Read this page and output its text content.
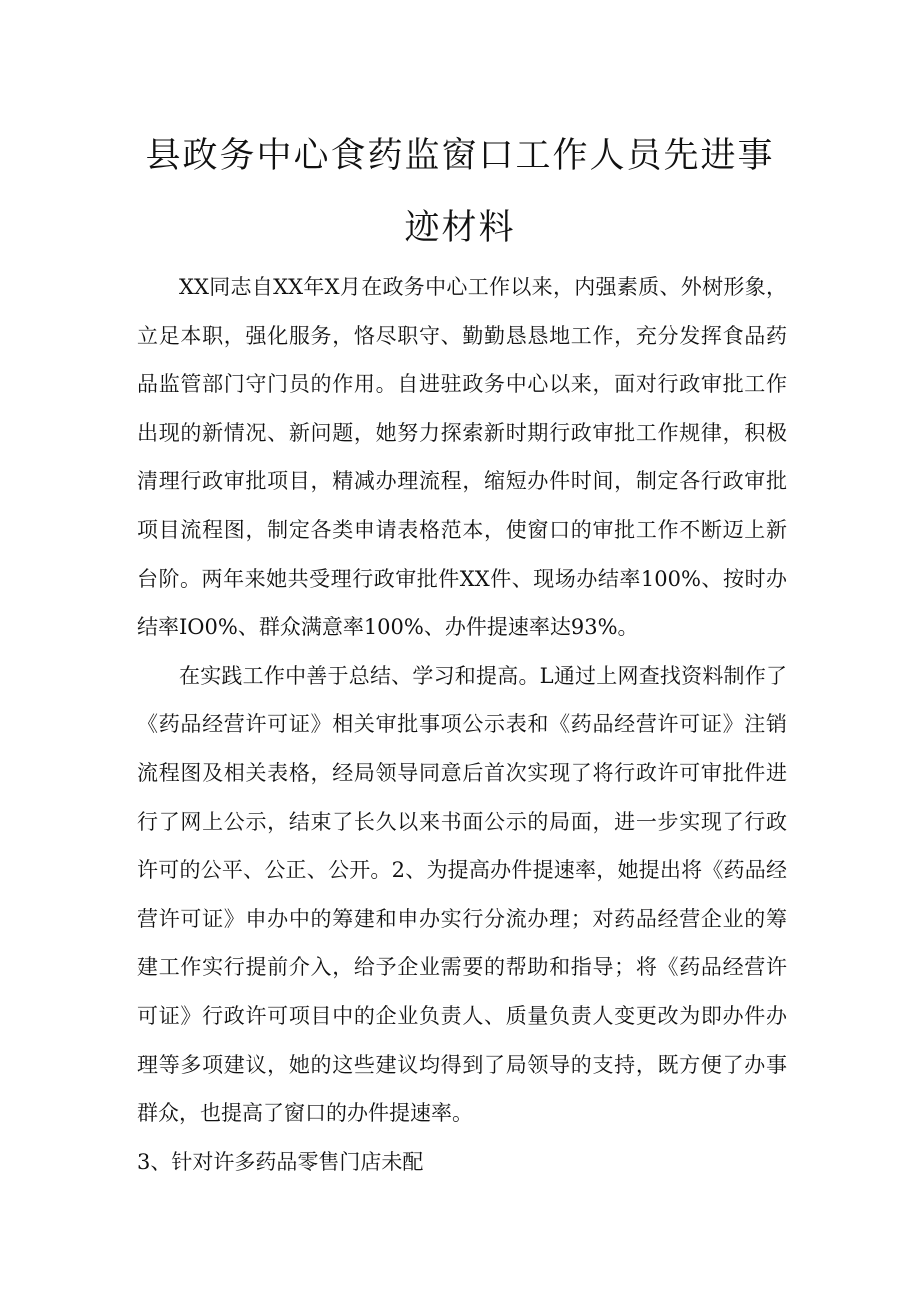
县政务中心食药监窗口工作人员先进事
迹材料

XX同志自XX年X月在政务中心工作以来，内强素质、外树形象，立足本职，强化服务，恪尽职守、勤勤恳恳地工作，充分发挥食品药品监管部门守门员的作用。自进驻政务中心以来，面对行政审批工作出现的新情况、新问题，她努力探索新时期行政审批工作规律，积极清理行政审批项目，精减办理流程，缩短办件时间，制定各行政审批项目流程图，制定各类申请表格范本，使窗口的审批工作不断迈上新台阶。两年来她共受理行政审批件XX件、现场办结率100%、按时办结率IO0%、群众满意率100%、办件提速率达93%。

在实践工作中善于总结、学习和提高。L通过上网查找资料制作了《药品经营许可证》相关审批事项公示表和《药品经营许可证》注销流程图及相关表格，经局领导同意后首次实现了将行政许可审批件进行了网上公示，结束了长久以来书面公示的局面，进一步实现了行政许可的公平、公正、公开。2、为提高办件提速率，她提出将《药品经营许可证》申办中的筹建和申办实行分流办理；对药品经营企业的筹建工作实行提前介入，给予企业需要的帮助和指导；将《药品经营许可证》行政许可项目中的企业负责人、质量负责人变更改为即办件办理等多项建议，她的这些建议均得到了局领导的支持，既方便了办事群众，也提高了窗口的办件提速率。

3、针对许多药品零售门店未配
